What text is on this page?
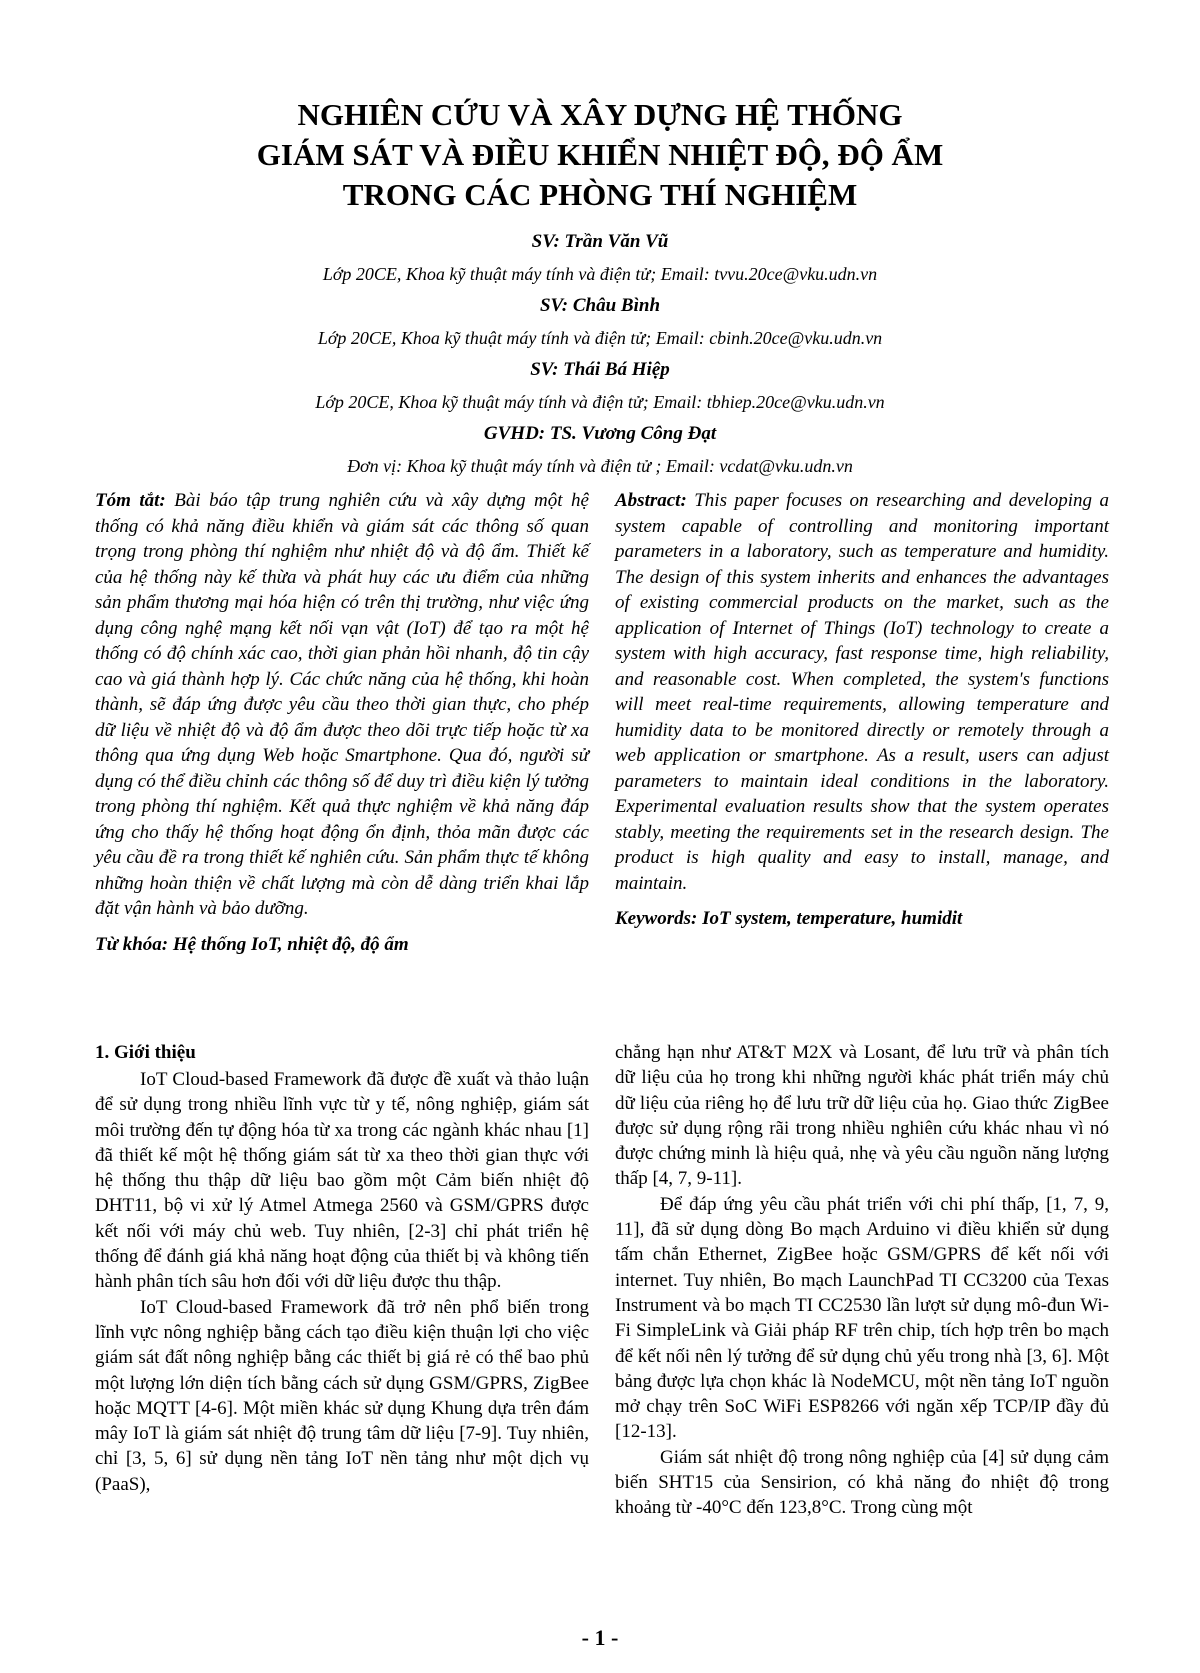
NGHIÊN CỨU VÀ XÂY DỰNG HỆ THỐNG
GIÁM SÁT VÀ ĐIỀU KHIỂN NHIỆT ĐỘ, ĐỘ ẨM
TRONG CÁC PHÒNG THÍ NGHIỆM
SV: Trần Văn Vũ
Lớp 20CE, Khoa kỹ thuật máy tính và điện tử; Email: tvvu.20ce@vku.udn.vn
SV: Châu Bình
Lớp 20CE, Khoa kỹ thuật máy tính và điện tử; Email: cbinh.20ce@vku.udn.vn
SV: Thái Bá Hiệp
Lớp 20CE, Khoa kỹ thuật máy tính và điện tử; Email: tbhiep.20ce@vku.udn.vn
GVHD: TS. Vương Công Đạt
Đơn vị: Khoa kỹ thuật máy tính và điện tử ; Email: vcdat@vku.udn.vn

Tóm tắt: Bài báo tập trung nghiên cứu và xây dựng một hệ thống có khả năng điều khiển và giám sát các thông số quan trọng trong phòng thí nghiệm như nhiệt độ và độ ẩm. Thiết kế của hệ thống này kế thừa và phát huy các ưu điểm của những sản phẩm thương mại hóa hiện có trên thị trường, như việc ứng dụng công nghệ mạng kết nối vạn vật (IoT) để tạo ra một hệ thống có độ chính xác cao, thời gian phản hồi nhanh, độ tin cậy cao và giá thành hợp lý. Các chức năng của hệ thống, khi hoàn thành, sẽ đáp ứng được yêu cầu theo thời gian thực, cho phép dữ liệu về nhiệt độ và độ ẩm được theo dõi trực tiếp hoặc từ xa thông qua ứng dụng Web hoặc Smartphone. Qua đó, người sử dụng có thể điều chỉnh các thông số để duy trì điều kiện lý tưởng trong phòng thí nghiệm. Kết quả thực nghiệm về khả năng đáp ứng cho thấy hệ thống hoạt động ổn định, thỏa mãn được các yêu cầu đề ra trong thiết kế nghiên cứu. Sản phẩm thực tế không những hoàn thiện về chất lượng mà còn dễ dàng triển khai lắp đặt vận hành và bảo dưỡng.

Từ khóa: Hệ thống IoT, nhiệt độ, độ ẩm

Abstract: This paper focuses on researching and developing a system capable of controlling and monitoring important parameters in a laboratory, such as temperature and humidity. The design of this system inherits and enhances the advantages of existing commercial products on the market, such as the application of Internet of Things (IoT) technology to create a system with high accuracy, fast response time, high reliability, and reasonable cost. When completed, the system's functions will meet real-time requirements, allowing temperature and humidity data to be monitored directly or remotely through a web application or smartphone. As a result, users can adjust parameters to maintain ideal conditions in the laboratory. Experimental evaluation results show that the system operates stably, meeting the requirements set in the research design. The product is high quality and easy to install, manage, and maintain.

Keywords: IoT system, temperature, humidit

1. Giới thiệu

IoT Cloud-based Framework đã được đề xuất và thảo luận để sử dụng trong nhiều lĩnh vực từ y tế, nông nghiệp, giám sát môi trường đến tự động hóa từ xa trong các ngành khác nhau [1] đã thiết kế một hệ thống giám sát từ xa theo thời gian thực với hệ thống thu thập dữ liệu bao gồm một Cảm biến nhiệt độ DHT11, bộ vi xử lý Atmel Atmega 2560 và GSM/GPRS được kết nối với máy chủ web. Tuy nhiên, [2-3] chỉ phát triển hệ thống để đánh giá khả năng hoạt động của thiết bị và không tiến hành phân tích sâu hơn đối với dữ liệu được thu thập.

IoT Cloud-based Framework đã trở nên phổ biến trong lĩnh vực nông nghiệp bằng cách tạo điều kiện thuận lợi cho việc giám sát đất nông nghiệp bằng các thiết bị giá rẻ có thể bao phủ một lượng lớn diện tích bằng cách sử dụng GSM/GPRS, ZigBee hoặc MQTT [4-6]. Một miền khác sử dụng Khung dựa trên đám mây IoT là giám sát nhiệt độ trung tâm dữ liệu [7-9]. Tuy nhiên, chỉ [3, 5, 6] sử dụng nền tảng IoT nền tảng như một dịch vụ (PaaS),

chẳng hạn như AT&T M2X và Losant, để lưu trữ và phân tích dữ liệu của họ trong khi những người khác phát triển máy chủ dữ liệu của riêng họ để lưu trữ dữ liệu của họ. Giao thức ZigBee được sử dụng rộng rãi trong nhiều nghiên cứu khác nhau vì nó được chứng minh là hiệu quả, nhẹ và yêu cầu nguồn năng lượng thấp [4, 7, 9-11].

Để đáp ứng yêu cầu phát triển với chi phí thấp, [1, 7, 9, 11], đã sử dụng dòng Bo mạch Arduino vi điều khiển sử dụng tấm chắn Ethernet, ZigBee hoặc GSM/GPRS để kết nối với internet. Tuy nhiên, Bo mạch LaunchPad TI CC3200 của Texas Instrument và bo mạch TI CC2530 lần lượt sử dụng mô-đun Wi-Fi SimpleLink và Giải pháp RF trên chip, tích hợp trên bo mạch để kết nối nên lý tưởng để sử dụng chủ yếu trong nhà [3, 6]. Một bảng được lựa chọn khác là NodeMCU, một nền tảng IoT nguồn mở chạy trên SoC WiFi ESP8266 với ngăn xếp TCP/IP đầy đủ [12-13].

Giám sát nhiệt độ trong nông nghiệp của [4] sử dụng cảm biến SHT15 của Sensirion, có khả năng đo nhiệt độ trong khoảng từ -40°C đến 123,8°C. Trong cùng một

- 1 -
